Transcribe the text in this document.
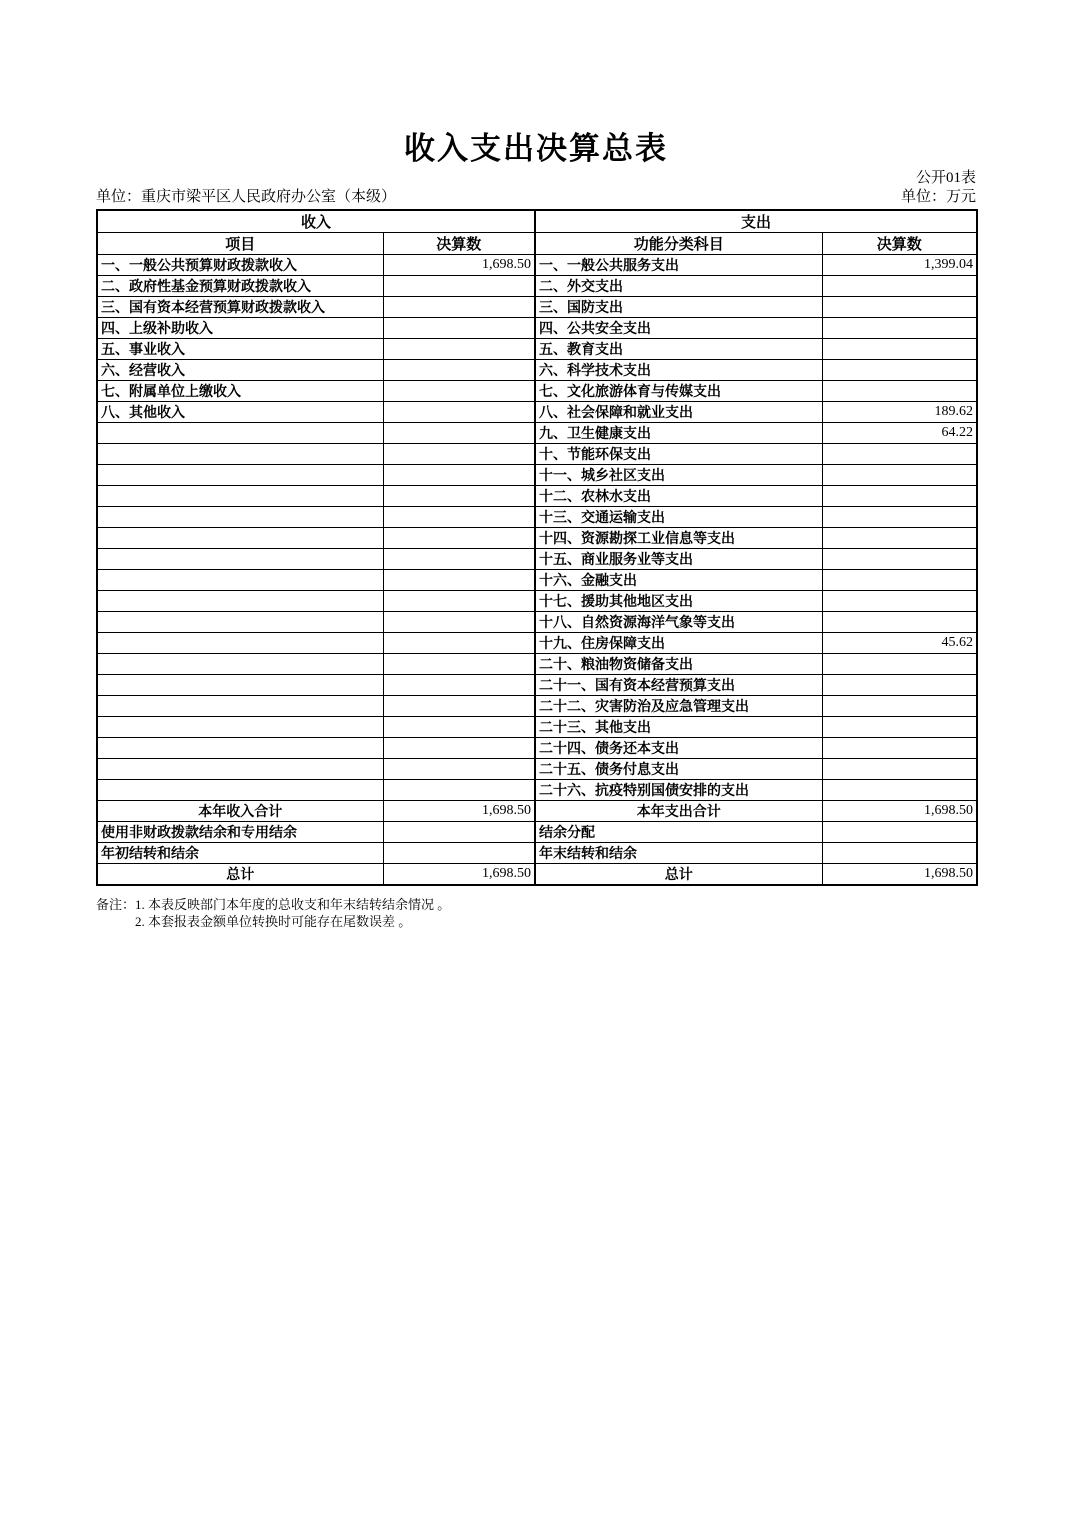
收入支出决算总表
公开01表
单位：重庆市梁平区人民政府办公室（本级）	单位：万元
收入		支出	
项目	决算数	功能分类科目	决算数
一、一般公共预算财政拨款收入	1,698.50	一、一般公共服务支出	1,399.04
二、政府性基金预算财政拨款收入		二、外交支出	
三、国有资本经营预算财政拨款收入		三、国防支出	
四、上级补助收入		四、公共安全支出	
五、事业收入		五、教育支出	
六、经营收入		六、科学技术支出	
七、附属单位上缴收入		七、文化旅游体育与传媒支出	
八、其他收入		八、社会保障和就业支出	189.62
		九、卫生健康支出	64.22
		十、节能环保支出	
		十一、城乡社区支出	
		十二、农林水支出	
		十三、交通运输支出	
		十四、资源勘探工业信息等支出	
		十五、商业服务业等支出	
		十六、金融支出	
		十七、援助其他地区支出	
		十八、自然资源海洋气象等支出	
		十九、住房保障支出	45.62
		二十、粮油物资储备支出	
		二十一、国有资本经营预算支出	
		二十二、灾害防治及应急管理支出	
		二十三、其他支出	
		二十四、债务还本支出	
		二十五、债务付息支出	
		二十六、抗疫特别国债安排的支出	
本年收入合计	1,698.50	本年支出合计	1,698.50
使用非财政拨款结余和专用结余		结余分配	
年初结转和结余		年末结转和结余	
总计	1,698.50	总计	1,698.50
备注： 1. 本表反映部门本年度的总收支和年末结转结余情况 。
2. 本套报表金额单位转换时可能存在尾数误差 。
